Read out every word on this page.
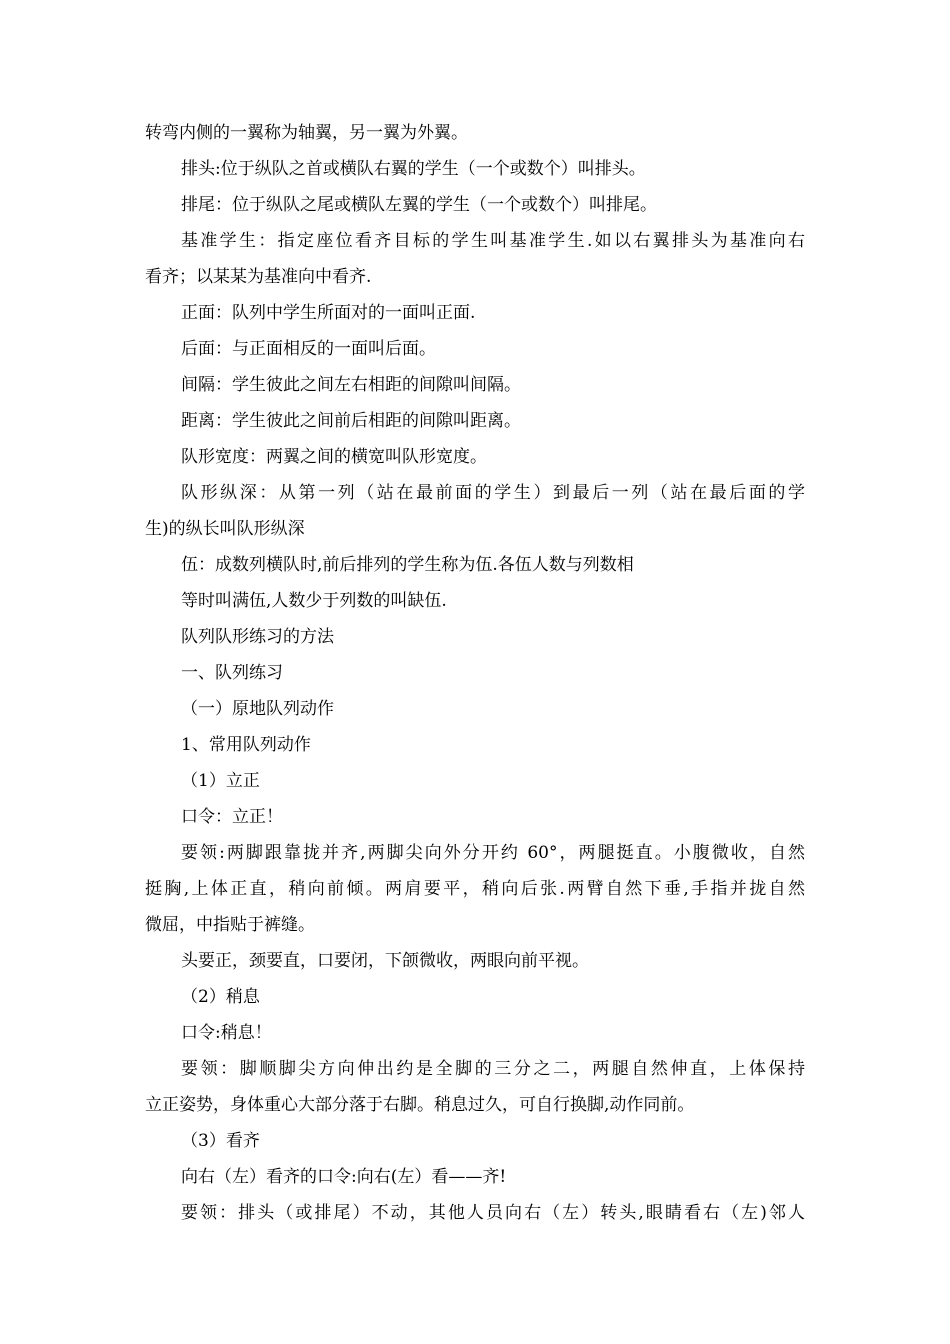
转弯内侧的一翼称为轴翼，另一翼为外翼。
排头:位于纵队之首或横队右翼的学生（一个或数个）叫排头。
排尾：位于纵队之尾或横队左翼的学生（一个或数个）叫排尾。
基准学生：指定座位看齐目标的学生叫基准学生.如以右翼排头为基准向右
看齐；以某某为基准向中看齐.
正面：队列中学生所面对的一面叫正面.
后面：与正面相反的一面叫后面。
间隔：学生彼此之间左右相距的间隙叫间隔。
距离：学生彼此之间前后相距的间隙叫距离。
队形宽度：两翼之间的横宽叫队形宽度。
队形纵深：从第一列（站在最前面的学生）到最后一列（站在最后面的学
生)的纵长叫队形纵深
伍：成数列横队时,前后排列的学生称为伍.各伍人数与列数相
等时叫满伍,人数少于列数的叫缺伍.
队列队形练习的方法
一、队列练习
（一）原地队列动作
1、常用队列动作
（1）立正
口令：立正！
要领:两脚跟靠拢并齐,两脚尖向外分开约 60°，两腿挺直。小腹微收，自然
挺胸,上体正直，稍向前倾。两肩要平，稍向后张.两臂自然下垂,手指并拢自然
微屈，中指贴于裤缝。
头要正，颈要直，口要闭，下颌微收，两眼向前平视。
（2）稍息
口令:稍息！
要领：脚顺脚尖方向伸出约是全脚的三分之二，两腿自然伸直，上体保持
立正姿势，身体重心大部分落于右脚。稍息过久，可自行换脚,动作同前。
（3）看齐
向右（左）看齐的口令:向右(左）看——齐!
要领：排头（或排尾）不动，其他人员向右（左）转头,眼睛看右（左)邻人
